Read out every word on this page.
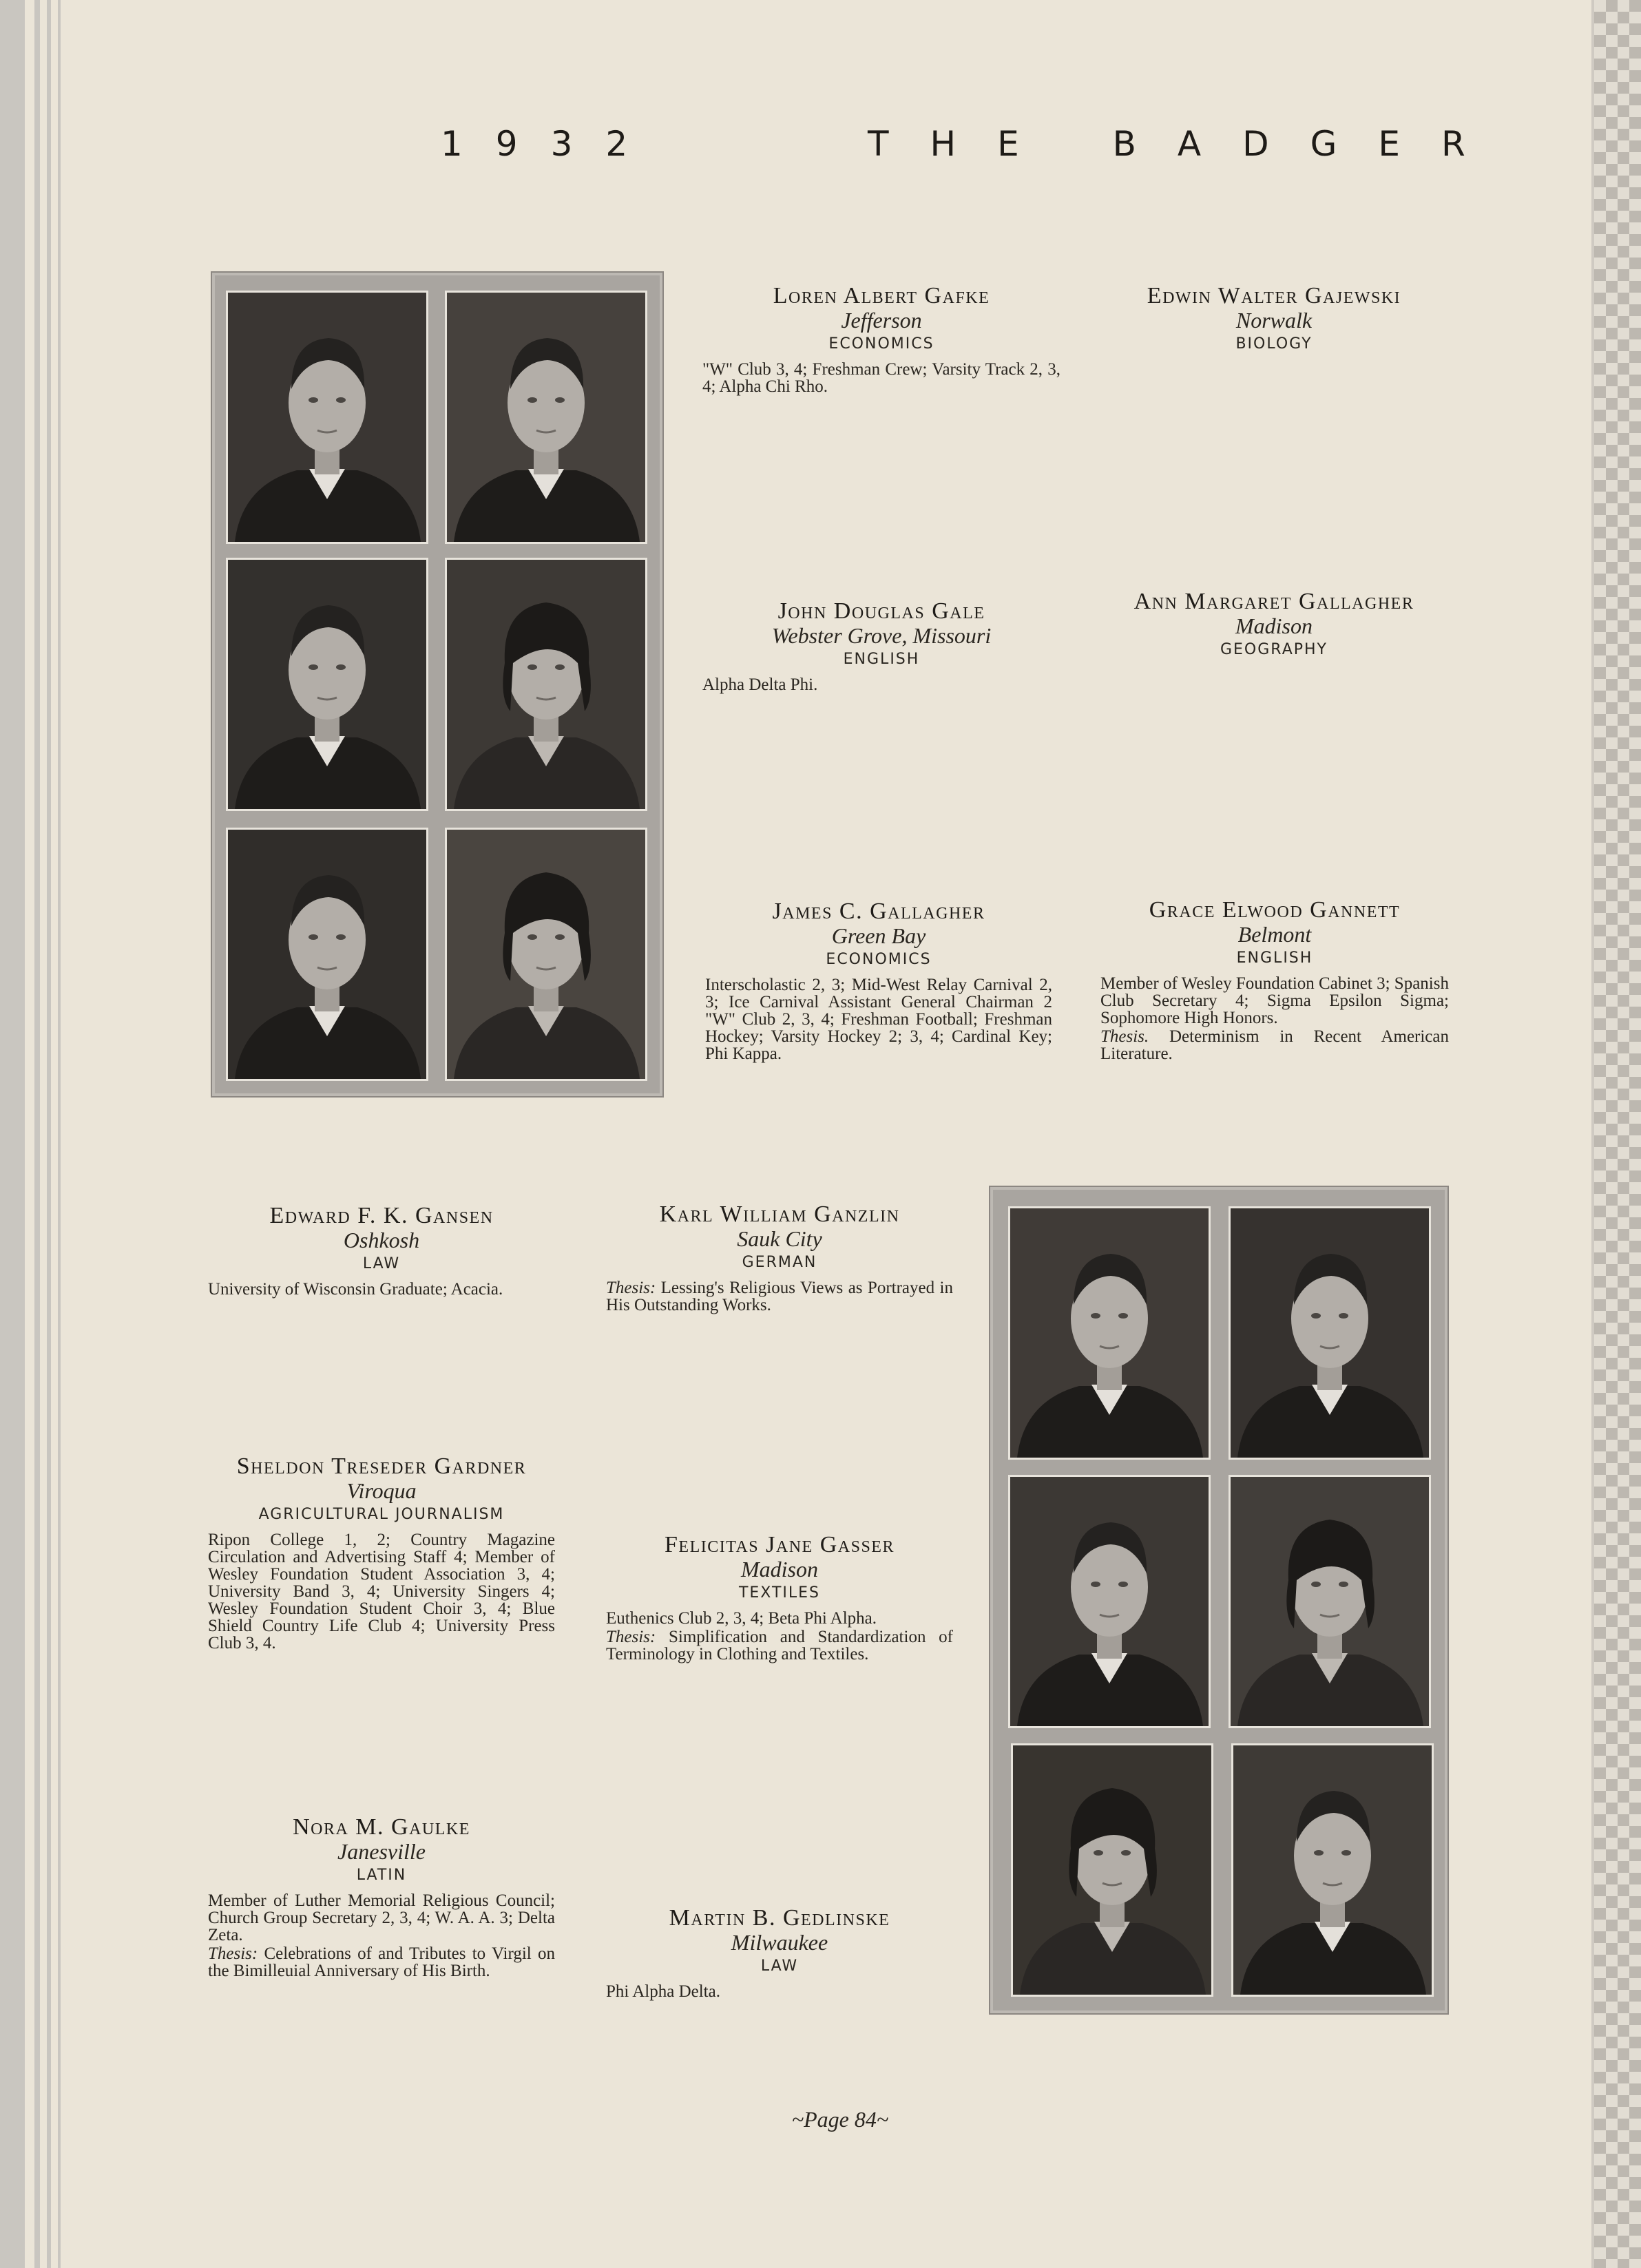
1932	THE BADGER
Loren Albert Gafke
Jefferson
ECONOMICS
"W" Club 3, 4; Freshman Crew; Varsity Track 2, 3, 4; Alpha Chi Rho.
Edwin Walter Gajewski
Norwalk
BIOLOGY
John Douglas Gale
Webster Grove, Missouri
ENGLISH
Alpha Delta Phi.
Ann Margaret Gallagher
Madison
GEOGRAPHY
James C. Gallagher
Green Bay
ECONOMICS
Interscholastic 2, 3; Mid-West Relay Carnival 2, 3; Ice Carnival Assistant General Chairman 2 "W" Club 2, 3, 4; Freshman Football; Freshman Hockey; Varsity Hockey 2; 3, 4; Cardinal Key; Phi Kappa.
Grace Elwood Gannett
Belmont
ENGLISH
Member of Wesley Foundation Cabinet 3; Spanish Club Secretary 4; Sigma Epsilon Sigma; Sophomore High Honors.
Thesis. Determinism in Recent American Literature.
Edward F. K. Gansen
Oshkosh
LAW
University of Wisconsin Graduate; Acacia.
Karl William Ganzlin
Sauk City
GERMAN
Thesis: Lessing's Religious Views as Portrayed in His Outstanding Works.
Sheldon Treseder Gardner
Viroqua
AGRICULTURAL JOURNALISM
Ripon College 1, 2; Country Magazine Circulation and Advertising Staff 4; Member of Wesley Foundation Student Association 3, 4; University Band 3, 4; University Singers 4; Wesley Foundation Student Choir 3, 4; Blue Shield Country Life Club 4; University Press Club 3, 4.
Felicitas Jane Gasser
Madison
TEXTILES
Euthenics Club 2, 3, 4; Beta Phi Alpha.
Thesis: Simplification and Standardization of Terminology in Clothing and Textiles.
Nora M. Gaulke
Janesville
LATIN
Member of Luther Memorial Religious Council; Church Group Secretary 2, 3, 4; W. A. A. 3; Delta Zeta.
Thesis: Celebrations of and Tributes to Virgil on the Bimilleuial Anniversary of His Birth.
Martin B. Gedlinske
Milwaukee
LAW
Phi Alpha Delta.
~Page 84~
